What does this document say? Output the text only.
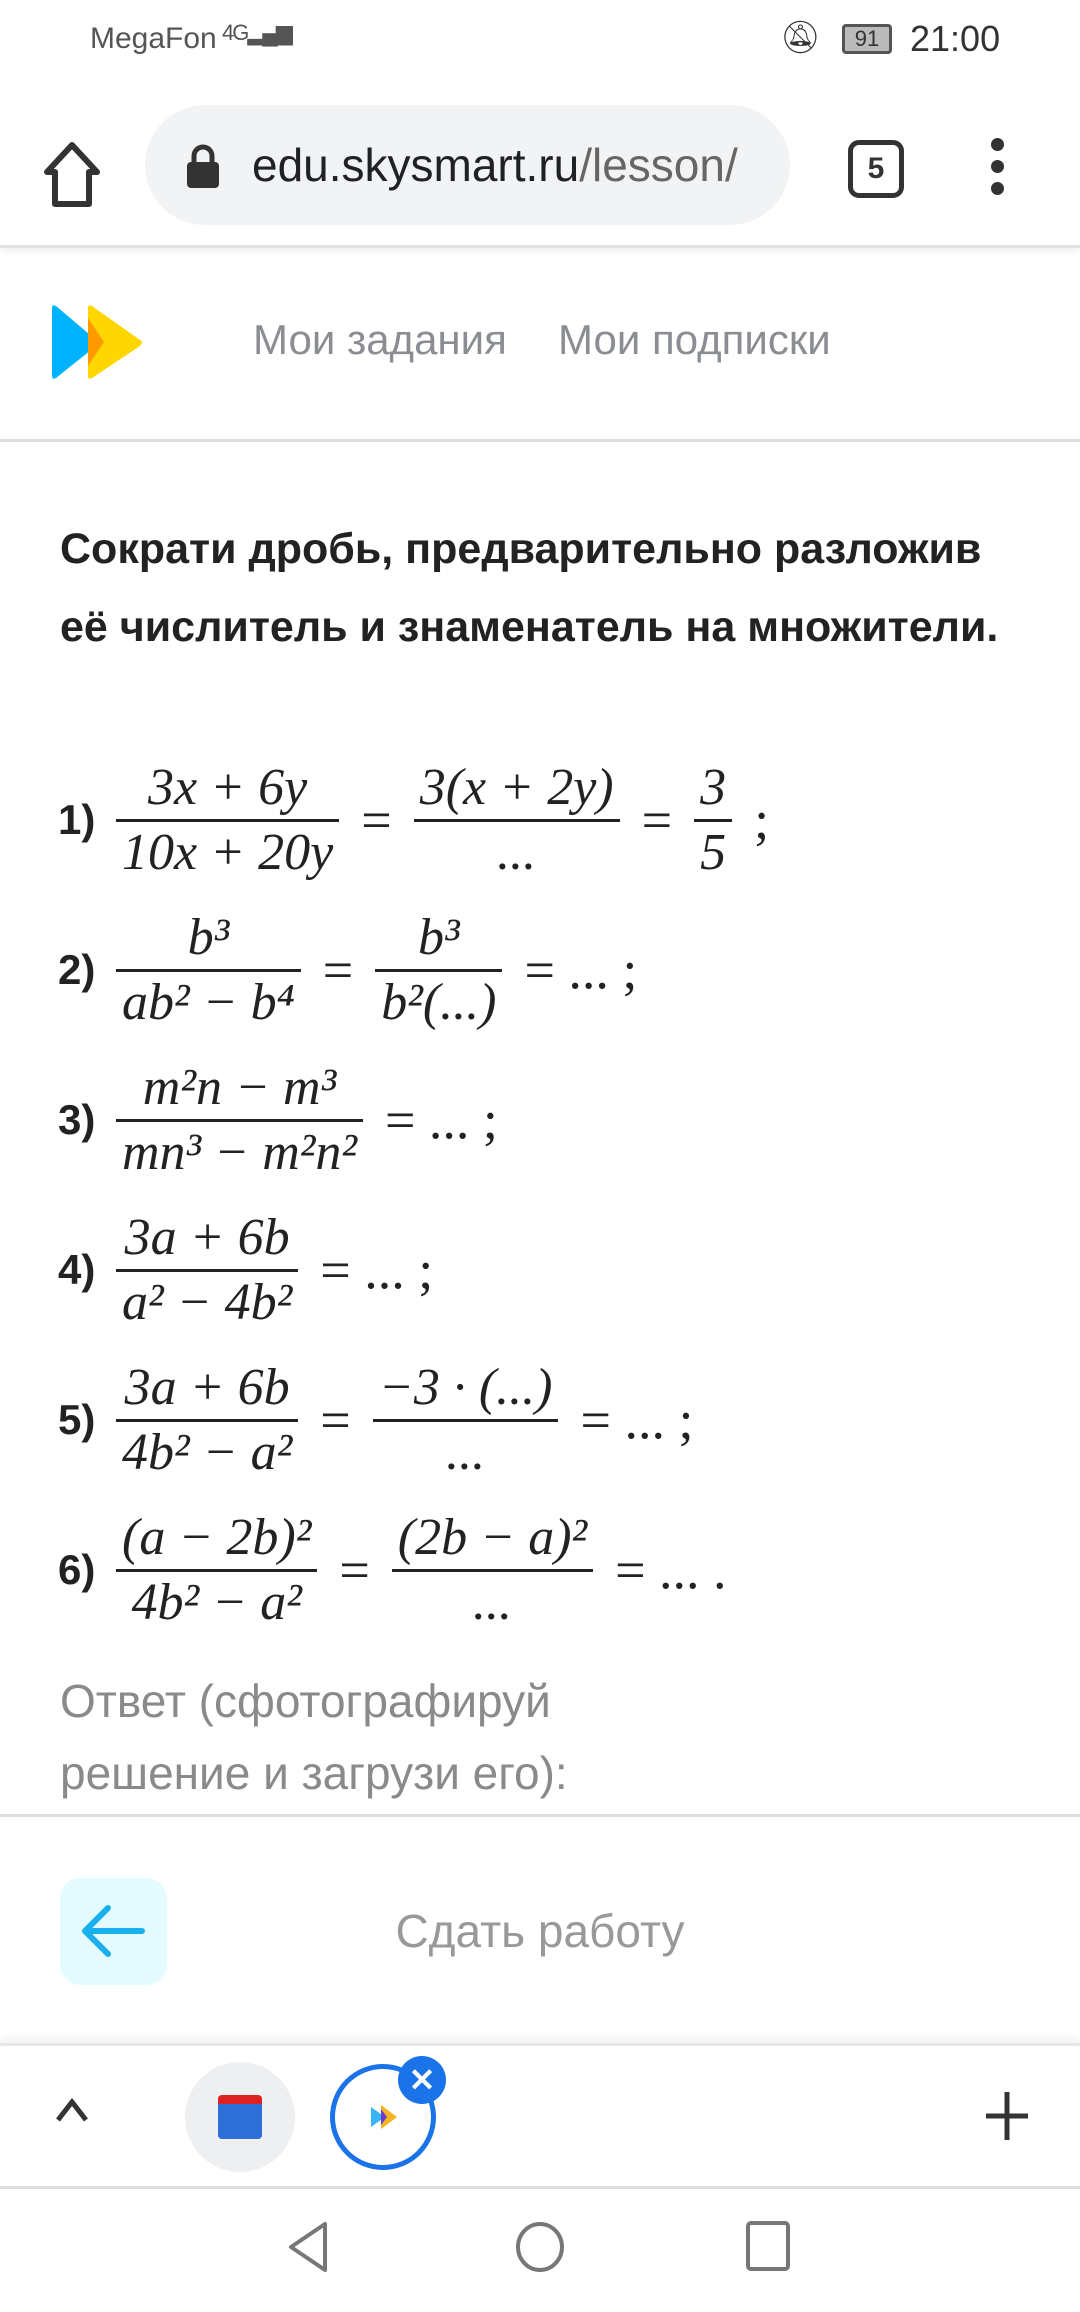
MegaFon 4G▂▄▆	🔕︎	91 21:00
edu.skysmart.ru/lesson/	5
Мои задания Мои подписки
Сократи дробь, предварительно разложив её числитель и знаменатель на множители.
$1) \frac{3x + 6y}{10x + 20y} = \frac{3(x + 2y)}{...} = \frac{3}{5}$ ;
$2) \frac{\text{b³}}{\text{ab² − b⁴}} = \frac{\text{b³}}{\text{b²(...)}}$ = ... ;
$3) \frac{\text{m²n − m³}}{\text{mn³ − m²n²}}$ = ... ;
$4) \frac{3a + 6b}{\text{a² − 4b²}}$ = ... ;
$5) \frac{3a + 6b}{\text{4b² − a²}} = \frac{-3 \cdot (...)}{...}$ = ... ;
$6) \frac{\text{(a − 2b)²}}{\text{4b² − a²}} = \frac{\text{(2b − a)²}}{...}$ = ... .
Ответ (сфотографируй решение и загрузи его):
Сдать работу
✕
